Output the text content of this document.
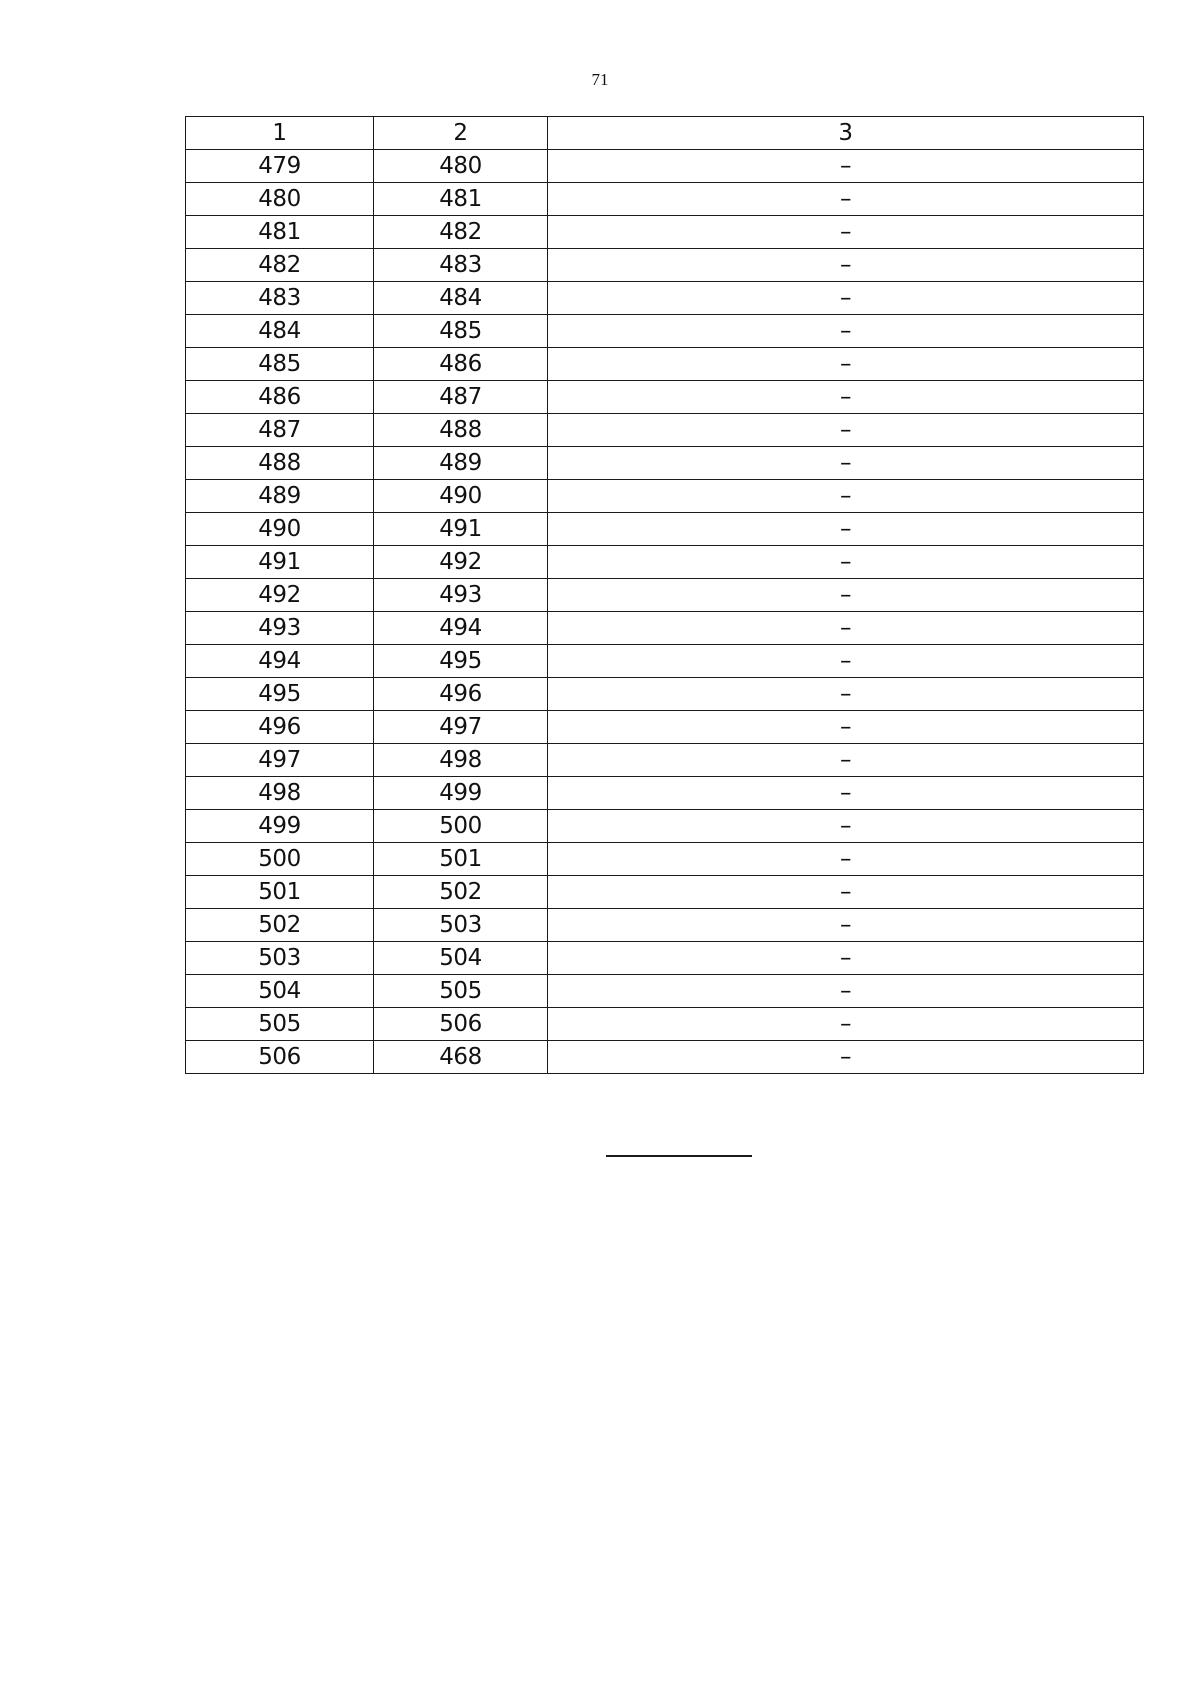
71
1	2	3
479	480	–
480	481	–
481	482	–
482	483	–
483	484	–
484	485	–
485	486	–
486	487	–
487	488	–
488	489	–
489	490	–
490	491	–
491	492	–
492	493	–
493	494	–
494	495	–
495	496	–
496	497	–
497	498	–
498	499	–
499	500	–
500	501	–
501	502	–
502	503	–
503	504	–
504	505	–
505	506	–
506	468	–
